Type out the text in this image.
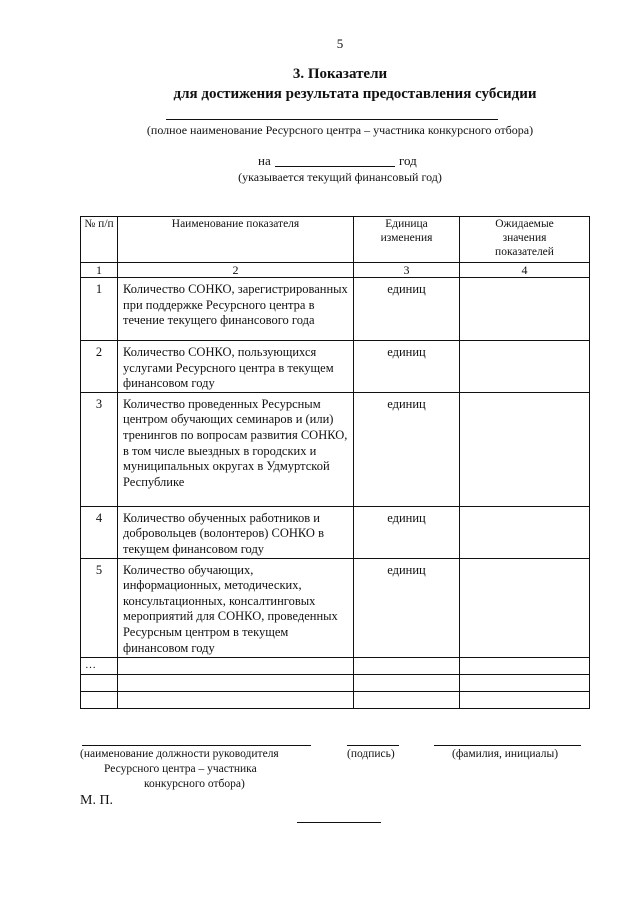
5
3. Показатели
для достижения результата предоставления субсидии
(полное наименование Ресурсного центра – участника конкурсного отбора)
на	год
(указывается текущий финансовый год)
№ п/п	Наименование показателя	Единица изменения	Ожидаемые значения показателей
1	2	3	4
1	Количество СОНКО, зарегистрированных при поддержке Ресурсного центра в течение текущего финансового года	единиц	
2	Количество СОНКО, пользующихся услугами Ресурсного центра в текущем финансовом году	единиц	
3	Количество проведенных Ресурсным центром обучающих семинаров и (или) тренингов по вопросам развития СОНКО, в том числе выездных в городских и муниципальных округах в Удмуртской Республике	единиц	
4	Количество обученных работников и добровольцев (волонтеров) СОНКО в текущем финансовом году	единиц	
5	Количество обучающих, информационных, методических, консультационных, консалтинговых мероприятий для СОНКО, проведенных Ресурсным центром в текущем финансовом году	единиц	
…			

(наименование должности руководителя
Ресурсного центра – участника
конкурсного отбора)
(подпись)	(фамилия, инициалы)
М. П.
